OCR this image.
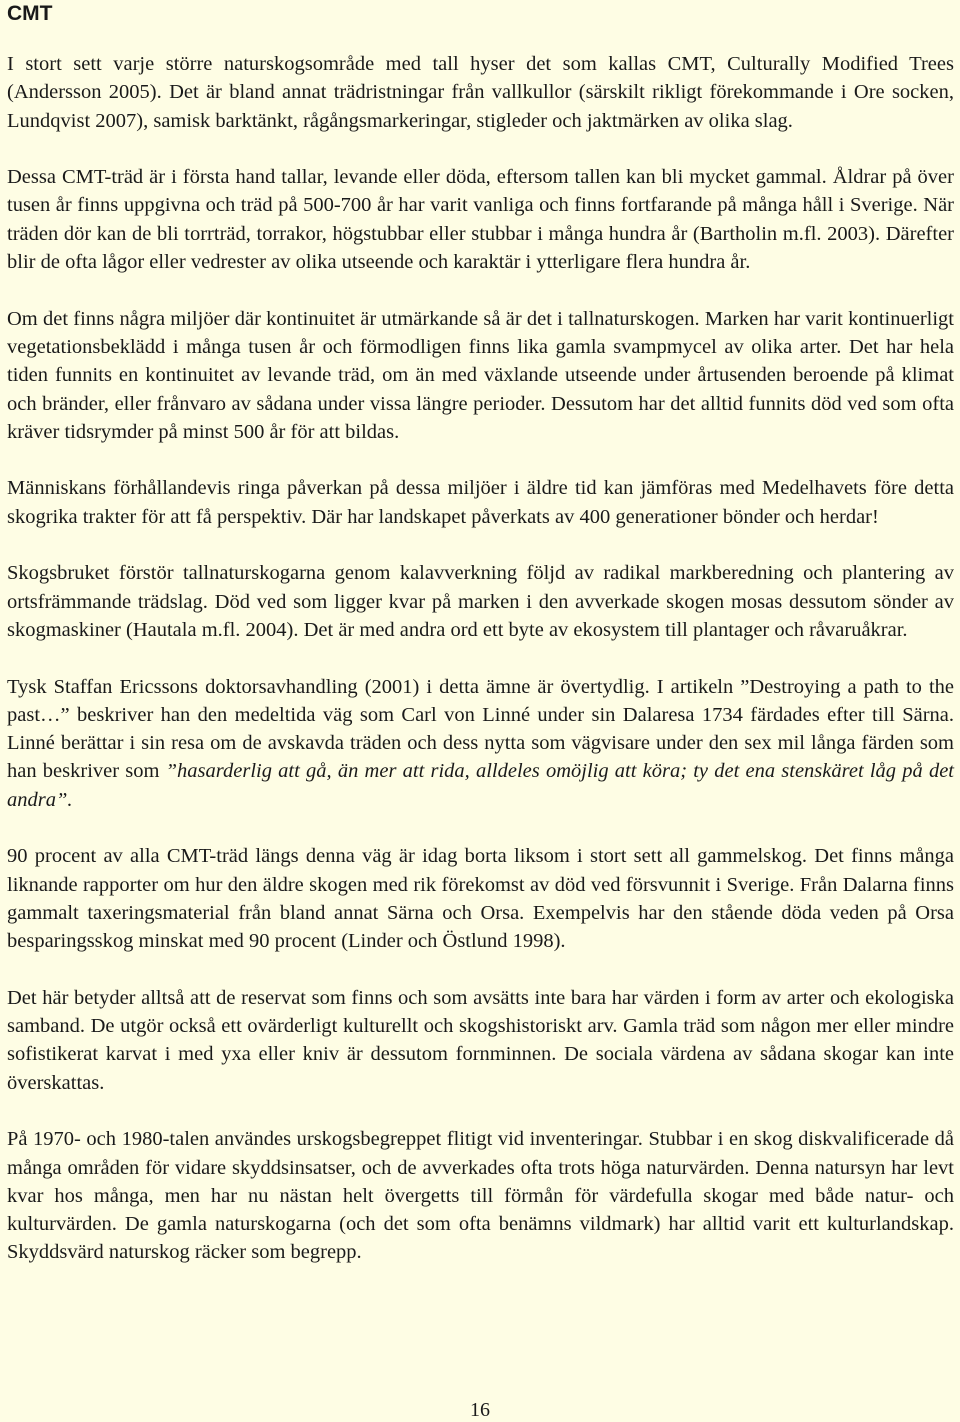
CMT

I stort sett varje större naturskogsområde med tall hyser det som kallas CMT, Culturally Modified Trees (Andersson 2005). Det är bland annat trädristningar från vallkullor (särskilt rikligt förekommande i Ore socken, Lundqvist 2007), samisk barktänkt, rågångsmarkeringar, stigleder och jaktmärken av olika slag.

Dessa CMT-träd är i första hand tallar, levande eller döda, eftersom tallen kan bli mycket gammal. Åldrar på över tusen år finns uppgivna och träd på 500-700 år har varit vanliga och finns fortfarande på många håll i Sverige. När träden dör kan de bli torrträd, torrakor, högstubbar eller stubbar i många hundra år (Bartholin m.fl. 2003). Därefter blir de ofta lågor eller vedrester av olika utseende och karaktär i ytterligare flera hundra år.

Om det finns några miljöer där kontinuitet är utmärkande så är det i tallnaturskogen. Marken har varit kontinuerligt vegetationsbeklädd i många tusen år och förmodligen finns lika gamla svampmycel av olika arter. Det har hela tiden funnits en kontinuitet av levande träd, om än med växlande utseende under årtusenden beroende på klimat och bränder, eller frånvaro av sådana under vissa längre perioder. Dessutom har det alltid funnits död ved som ofta kräver tidsrymder på minst 500 år för att bildas.

Människans förhållandevis ringa påverkan på dessa miljöer i äldre tid kan jämföras med Medelhavets före detta skogrika trakter för att få perspektiv. Där har landskapet påverkats av 400 generationer bönder och herdar!

Skogsbruket förstör tallnaturskogarna genom kalavverkning följd av radikal markberedning och plantering av ortsfrämmande trädslag. Död ved som ligger kvar på marken i den avverkade skogen mosas dessutom sönder av skogmaskiner (Hautala m.fl. 2004). Det är med andra ord ett byte av ekosystem till plantager och råvaruåkrar.

Tysk Staffan Ericssons doktorsavhandling (2001) i detta ämne är övertydlig. I artikeln ”Destroying a path to the past…” beskriver han den medeltida väg som Carl von Linné under sin Dalaresa 1734 färdades efter till Särna. Linné berättar i sin resa om de avskavda träden och dess nytta som vägvisare under den sex mil långa färden som han beskriver som ”hasarderlig att gå, än mer att rida, alldeles omöjlig att köra; ty det ena stenskäret låg på det andra”.

90 procent av alla CMT-träd längs denna väg är idag borta liksom i stort sett all gammelskog. Det finns många liknande rapporter om hur den äldre skogen med rik förekomst av död ved försvunnit i Sverige. Från Dalarna finns gammalt taxeringsmaterial från bland annat Särna och Orsa. Exempelvis har den stående döda veden på Orsa besparingsskog minskat med 90 procent (Linder och Östlund 1998).

Det här betyder alltså att de reservat som finns och som avsätts inte bara har värden i form av arter och ekologiska samband. De utgör också ett ovärderligt kulturellt och skogshistoriskt arv. Gamla träd som någon mer eller mindre sofistikerat karvat i med yxa eller kniv är dessutom fornminnen. De sociala värdena av sådana skogar kan inte överskattas.

På 1970- och 1980-talen användes urskogsbegreppet flitigt vid inventeringar. Stubbar i en skog diskvalificerade då många områden för vidare skyddsinsatser, och de avverkades ofta trots höga naturvärden. Denna natursyn har levt kvar hos många, men har nu nästan helt övergetts till förmån för värdefulla skogar med både natur- och kulturvärden. De gamla naturskogarna (och det som ofta benämns vildmark) har alltid varit ett kulturlandskap. Skyddsvärd naturskog räcker som begrepp.

16
